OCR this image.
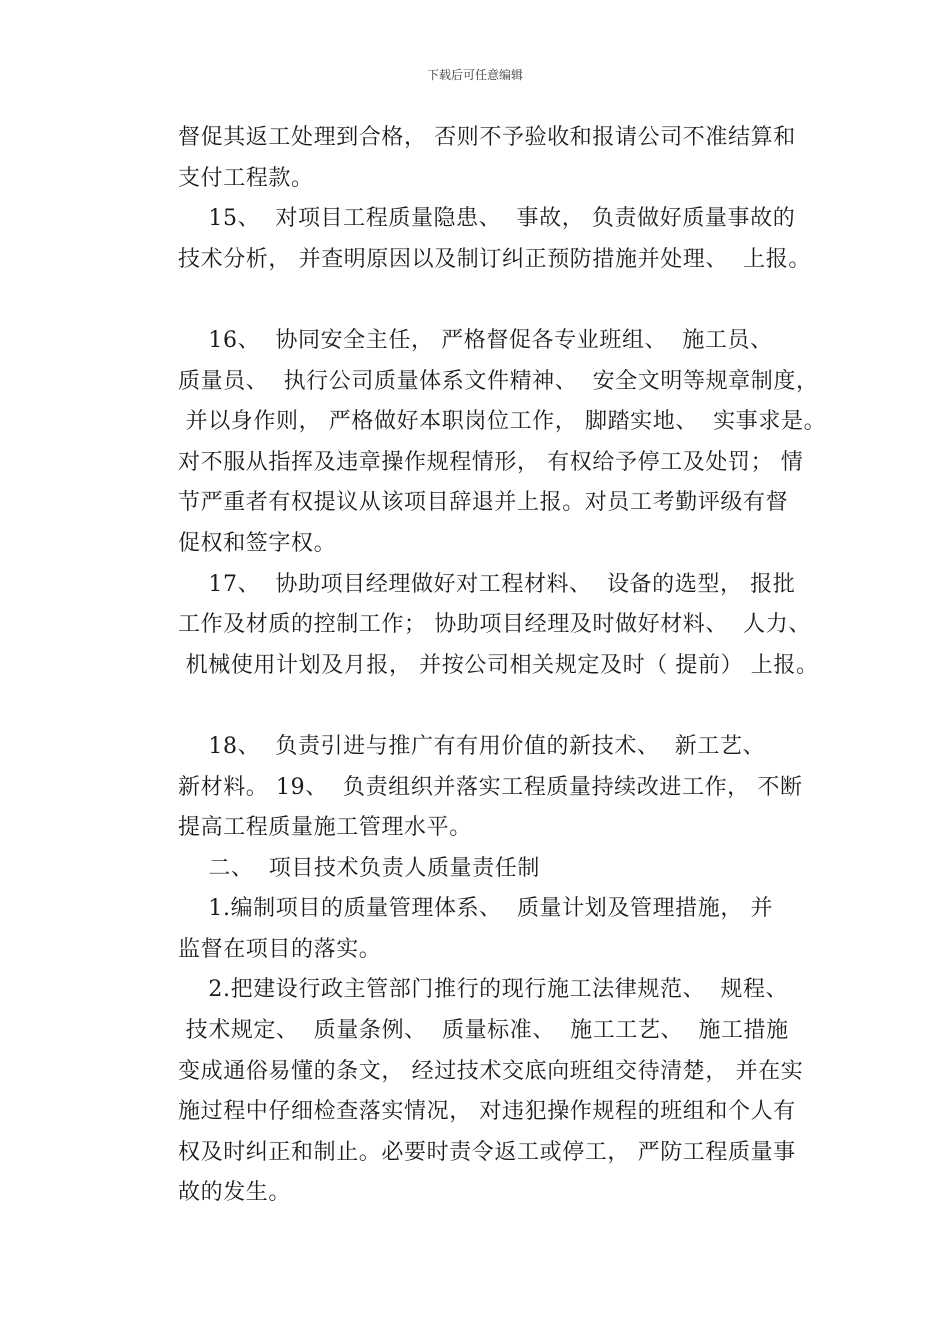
下载后可任意编辑
督促其返工处理到合格， 否则不予验收和报请公司不准结算和
支付工程款。
15、  对项目工程质量隐患、  事故， 负责做好质量事故的
技术分析， 并查明原因以及制订纠正预防措施并处理、  上报。
16、  协同安全主任， 严格督促各专业班组、  施工员、
质量员、  执行公司质量体系文件精神、  安全文明等规章制度，
并以身作则， 严格做好本职岗位工作， 脚踏实地、  实事求是。
对不服从指挥及违章操作规程情形， 有权给予停工及处罚； 情
节严重者有权提议从该项目辞退并上报。对员工考勤评级有督
促权和签字权。
17、  协助项目经理做好对工程材料、  设备的选型， 报批
工作及材质的控制工作； 协助项目经理及时做好材料、  人力、
机械使用计划及月报， 并按公司相关规定及时（ 提前） 上报。
18、  负责引进与推广有有用价值的新技术、  新工艺、
新材料。 19、  负责组织并落实工程质量持续改进工作， 不断
提高工程质量施工管理水平。
二、  项目技术负责人质量责任制
1.编制项目的质量管理体系、  质量计划及管理措施， 并
监督在项目的落实。
2.把建设行政主管部门推行的现行施工法律规范、  规程、
技术规定、  质量条例、  质量标准、  施工工艺、  施工措施
变成通俗易懂的条文， 经过技术交底向班组交待清楚， 并在实
施过程中仔细检查落实情况， 对违犯操作规程的班组和个人有
权及时纠正和制止。必要时责令返工或停工， 严防工程质量事
故的发生。
